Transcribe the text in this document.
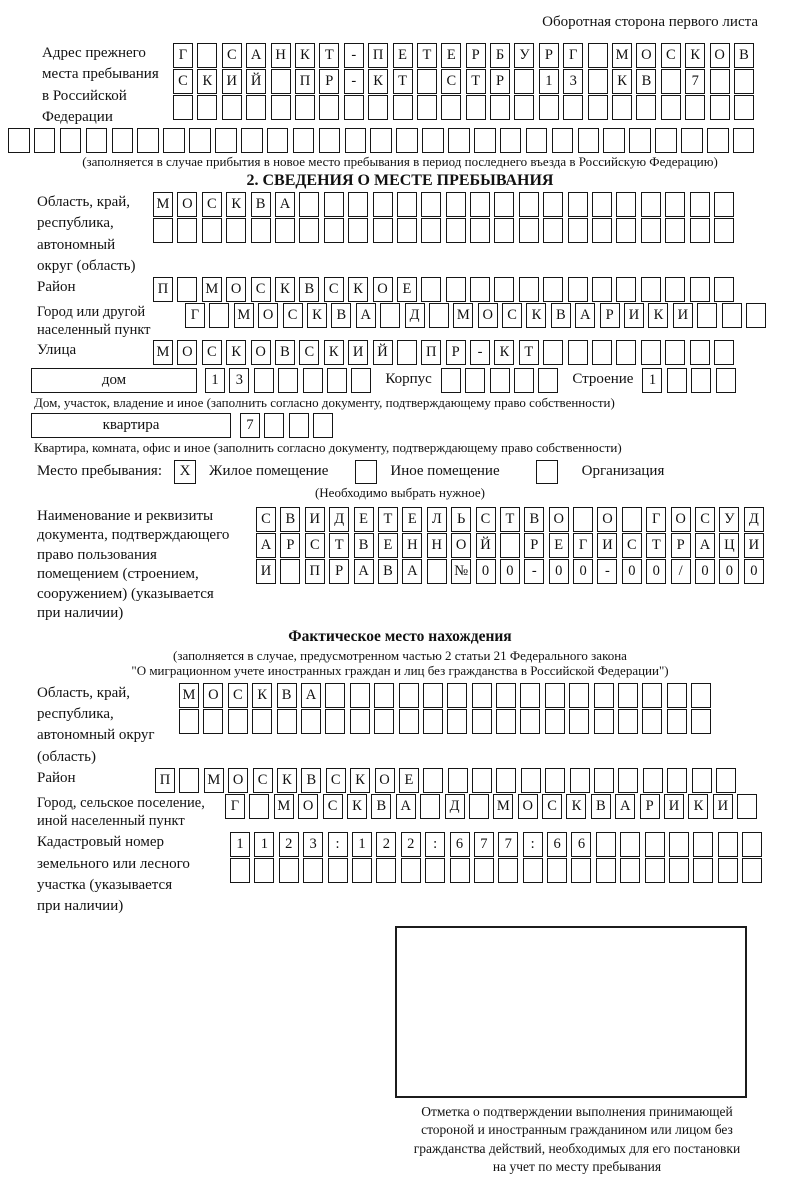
Оборотная сторона первого листа
Адрес прежнего
места пребывания
в Российской
Федерации
Г	С А Н К	Т	-	П	Е	Т	Е	Р	Б	У	Р	Г	М О С	К О В
С	К И Й	П	Р	-	К	Т	С	Т	Р	1	3	К	В	7
(заполняется в случае прибытия в новое место пребывания в период последнего въезда в Российскую Федерацию)
2. СВЕДЕНИЯ О МЕСТЕ ПРЕБЫВАНИЯ
Область, край,
республика,
автономный
округ (область)
М О С	К	В А
Район	П	М О С	К	В	С	К О	Е
Город или другой
населенный пункт
Г	М О С	К	В А	Д	М О С	К	В А	Р	И К И
Улица	М О С	К О В	С	К И Й	П	Р	-	К	Т
дом	1	3	Корпус	Строение	1
Дом, участок, владение и иное (заполнить согласно документу, подтверждающему право собственности)
квартира	7
Квартира, комната, офис и иное (заполнить согласно документу, подтверждающему право собственности)
Место пребывания:	X	Жилое помещение	Иное помещение	Организация
(Необходимо выбрать нужное)
Наименование и реквизиты
документа, подтверждающего
право пользования
помещением (строением,
сооружением) (указывается
при наличии)
С	В И Д	Е	Т	Е	Л	Ь	С	Т	В О	О	Г	О С У Д
А	Р	С	Т	В	Е	Н Н О Й	Р	Е	Г	И С	Т	Р	А Ц И
И	П	Р	А В А	№ 0	0	-	0	0	-	0	0	/	0	0	0
Фактическое место нахождения
(заполняется в случае, предусмотренном частью 2 статьи 21 Федерального закона
"О миграционном учете иностранных граждан и лиц без гражданства в Российской Федерации")
Область, край,
республика,
автономный округ
(область)
М О С	К	В А
Район	П	М О С	К	В	С	К О	Е
Город, сельское поселение,
иной населенный пункт
Г	М О С	К	В А	Д	М О С	К	В А	Р	И К И
Кадастровый номер
земельного или лесного
участка (указывается
при наличии)
1	1	2	3	:	1	2	2	:	6	7	7	:	6	6
Отметка о подтверждении выполнения принимающей
стороной и иностранным гражданином или лицом без
гражданства действий, необходимых для его постановки
на учет по месту пребывания
